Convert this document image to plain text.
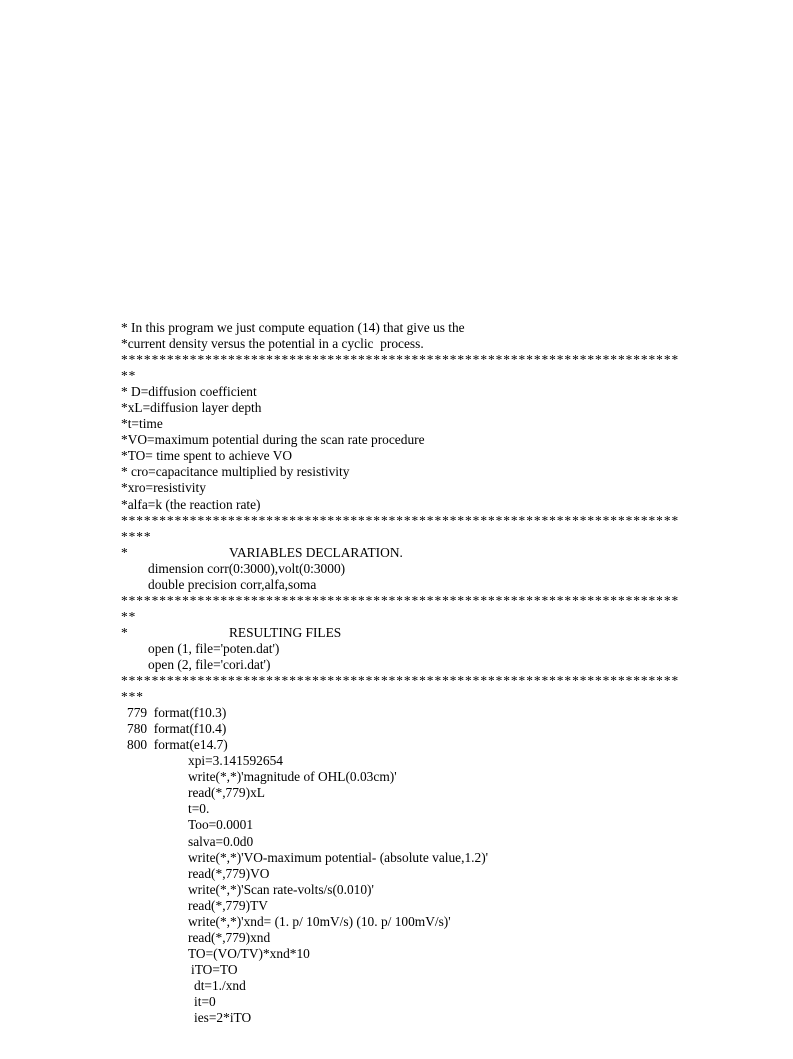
* In this program we just compute equation (14) that give us the
*current density versus the potential in a cyclic  process.
*************************************************************************
**
* D=diffusion coefficient
*xL=diffusion layer depth
*t=time
*VO=maximum potential during the scan rate procedure
*TO= time spent to achieve VO
* cro=capacitance multiplied by resistivity
*xro=resistivity
*alfa=k (the reaction rate)
*************************************************************************
****

*

	VARIABLES DECLARATION.

dimension corr(0:3000),volt(0:3000)
double precision corr,alfa,soma
*************************************************************************
**

*

	RESULTING FILES

open (1, file='poten.dat')
open (2, file='cori.dat')
*************************************************************************
***
779  format(f10.3)
780  format(f10.4)
800  format(e14.7)
xpi=3.141592654
write(*,*)'magnitude of OHL(0.03cm)'
read(*,779)xL
t=0.
Too=0.0001
salva=0.0d0
write(*,*)'VO-maximum potential- (absolute value,1.2)'
read(*,779)VO
write(*,*)'Scan rate-volts/s(0.010)'
read(*,779)TV
write(*,*)'xnd= (1. p/ 10mV/s) (10. p/ 100mV/s)'
read(*,779)xnd
TO=(VO/TV)*xnd*10
iTO=TO
dt=1./xnd
it=0
ies=2*iTO
